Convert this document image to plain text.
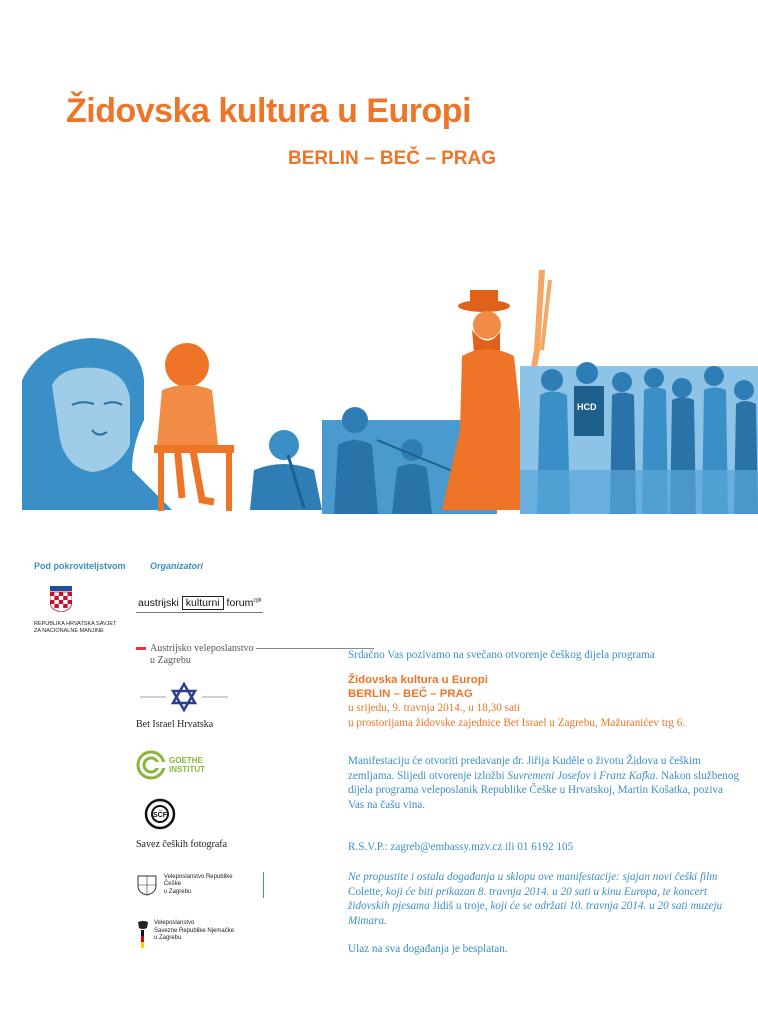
Židovska kultura u Europi
BERLIN – BEČ – PRAG
HCD
Pod pokroviteljstvom
REPUBLIKA HRVATSKA SAVJET ZA NACIONALNE MANJINE
Organizatori
austrijski kulturni forum$^{zgb}$
Austrijsko veleposlanstvo
u Zagrebu
Bet Israel Hrvatska
GOETHE
INSTITUT
SČF
Savez čeških fotografa
Veleposlanstvo Republike Češke
u Zagrebu
Veleposlanstvo
Savezne Republike Njemačke
u Zagrebu
Srdačno Vas pozivamo na svečano otvorenje češkog dijela programa
Židovska kultura u Europi
BERLIN – BEČ – PRAG
u srijedu, 9. travnja 2014., u 18,30 sati
u prostorijama židovske zajednice Bet Israel u Zagrebu, Mažuranićev trg 6.
Manifestaciju će otvoriti predavanje dr. Jiřija Kuděle o životu Židova u češkim zemljama. Slijedi otvorenje izložbi Suvremeni Josefov i Franz Kafka. Nakon službenog dijela programa veleposlanik Republike Češke u Hrvatskoj, Martin Košatka, poziva Vas na čašu vina.
R.S.V.P.: zagreb@embassy.mzv.cz ili 01 6192 105
Ne propustite i ostala događanja u sklopu ove manifestacije: sjajan novi češki film Colette, koji će biti prikazan 8. travnja 2014. u 20 sati u kinu Europa, te koncert židovskih pjesama Jidiš u troje, koji će se održati 10. travnja 2014. u 20 sati muzeju Mimara.
Ulaz na sva događanja je besplatan.
